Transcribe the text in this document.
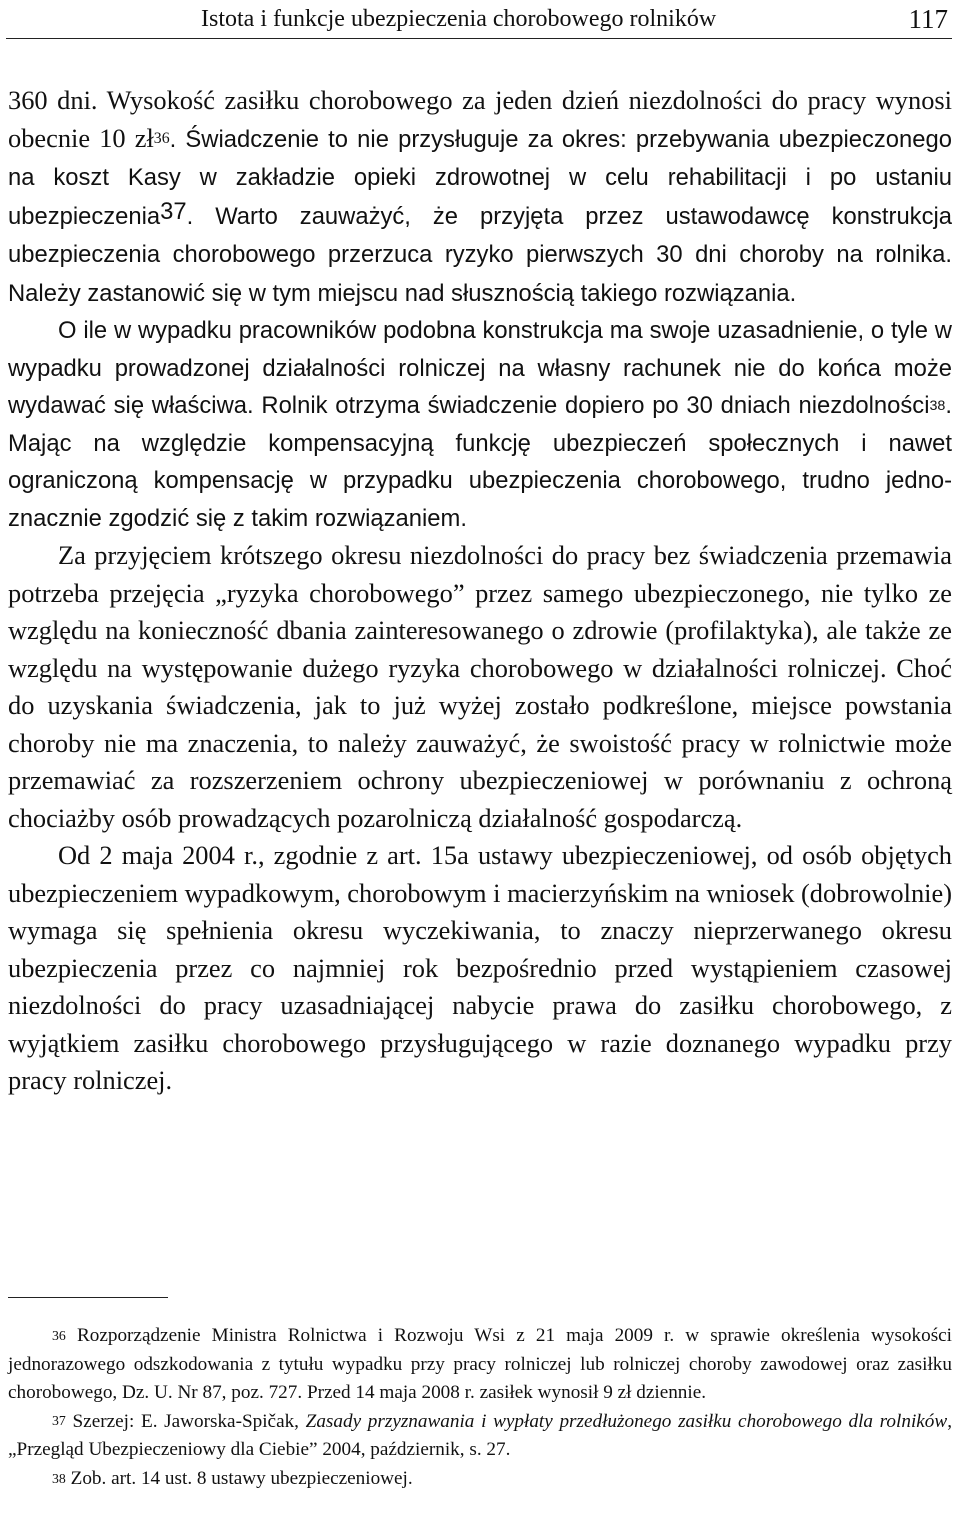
Istota i funkcje ubezpieczenia chorobowego rolników	117

360 dni. Wysokość zasiłku chorobowego za jeden dzień niezdolności do pracy wynosi obecnie 10 $zł^{36}$. Świadczenie to nie przysługuje za okres: przebywania ubezpieczonego na koszt Kasy w zakładzie opieki zdrowotnej w celu rehabilitacji i po ustaniu ubezpieczenia$^{37}$. Warto zauważyć, że przyjęta przez ustawodawcę konstrukcja ubezpieczenia chorobowego przerzuca ryzyko pierwszych 30 dni choroby na rolnika. Należy zastanowić się w tym miejscu nad słusznością takiego rozwiązania.

O ile w wypadku pracowników podobna konstrukcja ma swoje uzasadnienie, o tyle w wypadku prowadzonej działalności rolniczej na własny rachunek nie do końca może wydawać się właściwa. Rolnik otrzyma świadczenie dopiero po 30 dniach niezdolności$^{38}$. Mając na względzie kompensacyjną funkcję ubezpieczeń społecznych i nawet ograniczoną kompensację w przypadku ubezpieczenia chorobowego, trudno jednoznacznie zgodzić się z takim rozwiązaniem.

Za przyjęciem krótszego okresu niezdolności do pracy bez świadczenia przemawia potrzeba przejęcia „ryzyka chorobowego” przez samego ubezpieczonego, nie tylko ze względu na konieczność dbania zainteresowanego o zdrowie (profilaktyka), ale także ze względu na występowanie dużego ryzyka chorobowego w działalności rolniczej. Choć do uzyskania świadczenia, jak to już wyżej zostało podkreślone, miejsce powstania choroby nie ma znaczenia, to należy zauważyć, że swoistość pracy w rolnictwie może przemawiać za rozszerzeniem ochrony ubezpieczeniowej w porównaniu z ochroną chociażby osób prowadzących pozarolniczą działalność gospodarczą.

Od 2 maja 2004 r., zgodnie z art. 15a ustawy ubezpieczeniowej, od osób objętych ubezpieczeniem wypadkowym, chorobowym i macierzyńskim na wniosek (dobrowolnie) wymaga się spełnienia okresu wyczekiwania, to znaczy nieprzerwanego okresu ubezpieczenia przez co najmniej rok bezpośrednio przed wystąpieniem czasowej niezdolności do pracy uzasadniającej nabycie prawa do zasiłku chorobowego, z wyjątkiem zasiłku chorobowego przysługującego w razie doznanego wypadku przy pracy rolniczej.

$^{36}$ Rozporządzenie Ministra Rolnictwa i Rozwoju Wsi z 21 maja 2009 r. w sprawie określenia wysokości jednorazowego odszkodowania z tytułu wypadku przy pracy rolniczej lub rolniczej choroby zawodowej oraz zasiłku chorobowego, Dz. U. Nr 87, poz. 727. Przed 14 maja 2008 r. zasiłek wynosił 9 zł dziennie.

$^{37}$ Szerzej: E. Jaworska-Spičak, Zasady przyznawania i wypłaty przedłużonego zasiłku chorobowego dla rolników, „Przegląd Ubezpieczeniowy dla Ciebie” 2004, październik, s. 27.

$^{38}$ Zob. art. 14 ust. 8 ustawy ubezpieczeniowej.
